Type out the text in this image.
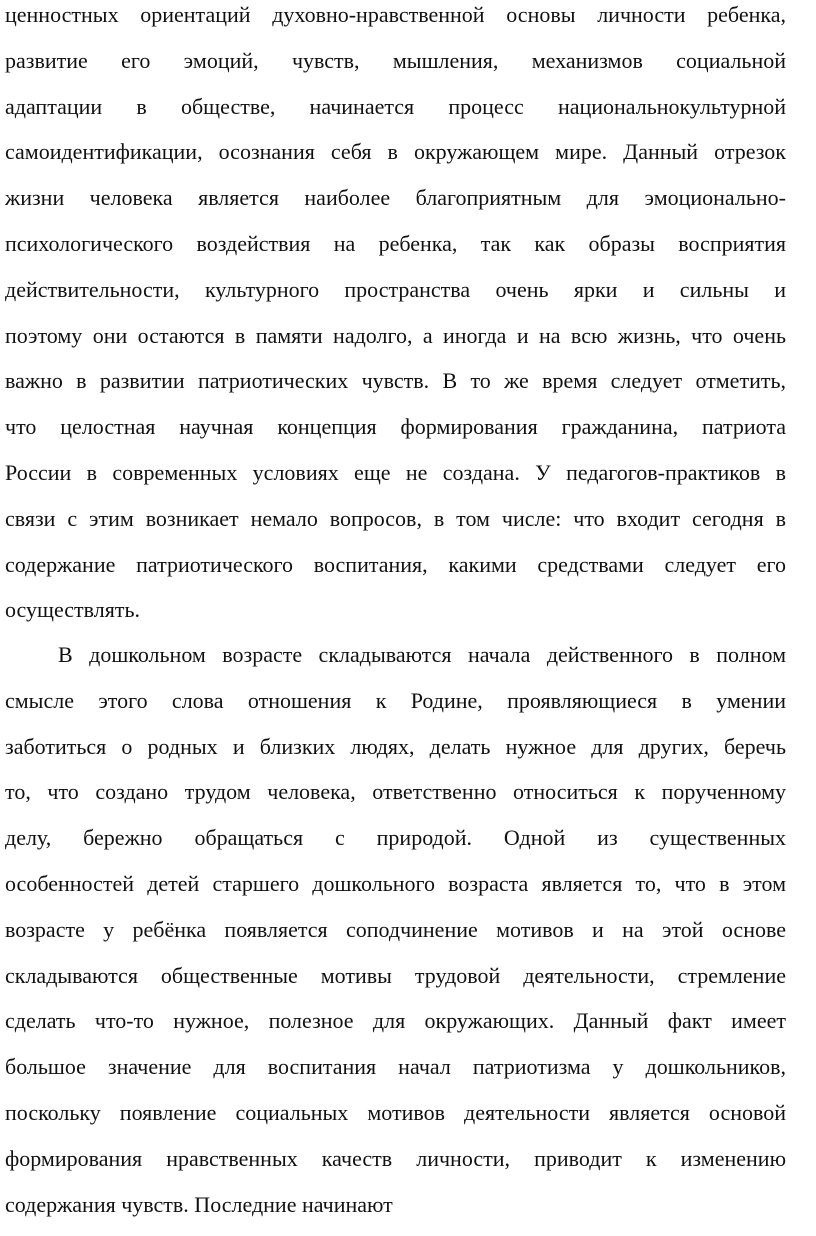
ценностных ориентаций духовно-нравственной основы личности ребенка,
развитие его эмоций, чувств, мышления, механизмов социальной
адаптации в обществе, начинается процесс национальнокультурной
самоидентификации, осознания себя в окружающем мире. Данный отрезок
жизни человека является наиболее благоприятным для эмоционально-
психологического воздействия на ребенка, так как образы восприятия
действительности, культурного пространства очень ярки и сильны и
поэтому они остаются в памяти надолго, а иногда и на всю жизнь, что очень
важно в развитии патриотических чувств. В то же время следует отметить,
что целостная научная концепция формирования гражданина, патриота
России в современных условиях еще не создана. У педагогов-практиков в
связи с этим возникает немало вопросов, в том числе: что входит сегодня в
содержание патриотического воспитания, какими средствами следует его
осуществлять.
В дошкольном возрасте складываются начала действенного в полном
смысле этого слова отношения к Родине, проявляющиеся в умении
заботиться о родных и близких людях, делать нужное для других, беречь
то, что создано трудом человека, ответственно относиться к порученному
делу, бережно обращаться с природой. Одной из существенных
особенностей детей старшего дошкольного возраста является то, что в этом
возрасте у ребёнка появляется соподчинение мотивов и на этой основе
складываются общественные мотивы трудовой деятельности, стремление
сделать что-то нужное, полезное для окружающих. Данный факт имеет
большое значение для воспитания начал патриотизма у дошкольников,
поскольку появление социальных мотивов деятельности является основой
формирования нравственных качеств личности, приводит к изменению
содержания чувств. Последние начинают
